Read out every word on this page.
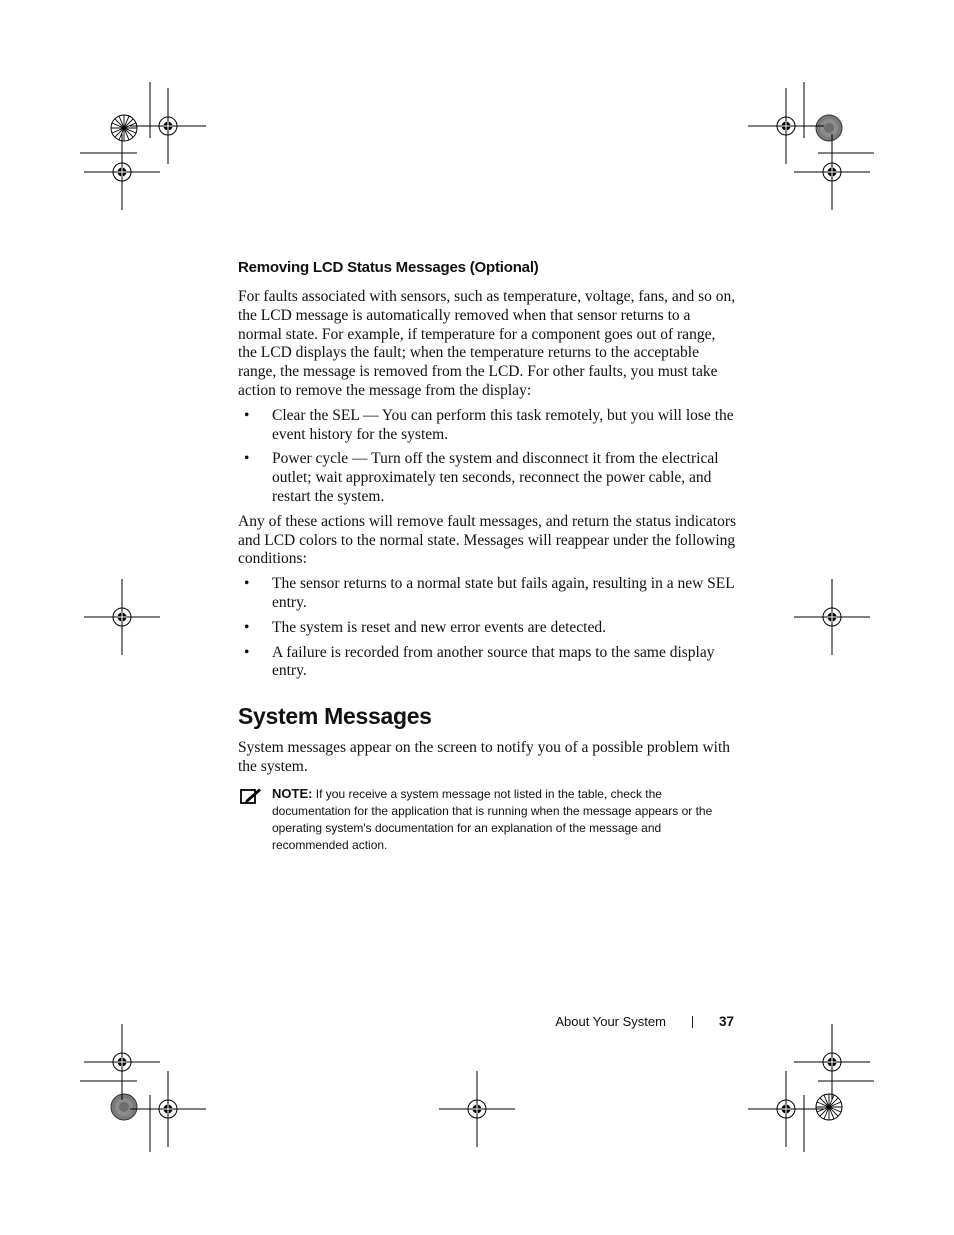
Removing LCD Status Messages (Optional)

For faults associated with sensors, such as temperature, voltage, fans, and so on, the LCD message is automatically removed when that sensor returns to a normal state. For example, if temperature for a component goes out of range, the LCD displays the fault; when the temperature returns to the acceptable range, the message is removed from the LCD. For other faults, you must take action to remove the message from the display:

• Clear the SEL — You can perform this task remotely, but you will lose the event history for the system.
• Power cycle — Turn off the system and disconnect it from the electrical outlet; wait approximately ten seconds, reconnect the power cable, and restart the system.

Any of these actions will remove fault messages, and return the status indicators and LCD colors to the normal state. Messages will reappear under the following conditions:

• The sensor returns to a normal state but fails again, resulting in a new SEL entry.
• The system is reset and new error events are detected.
• A failure is recorded from another source that maps to the same display entry.
System Messages

System messages appear on the screen to notify you of a possible problem with the system.

NOTE: If you receive a system message not listed in the table, check the documentation for the application that is running when the message appears or the operating system's documentation for an explanation of the message and recommended action.
About Your System	37
